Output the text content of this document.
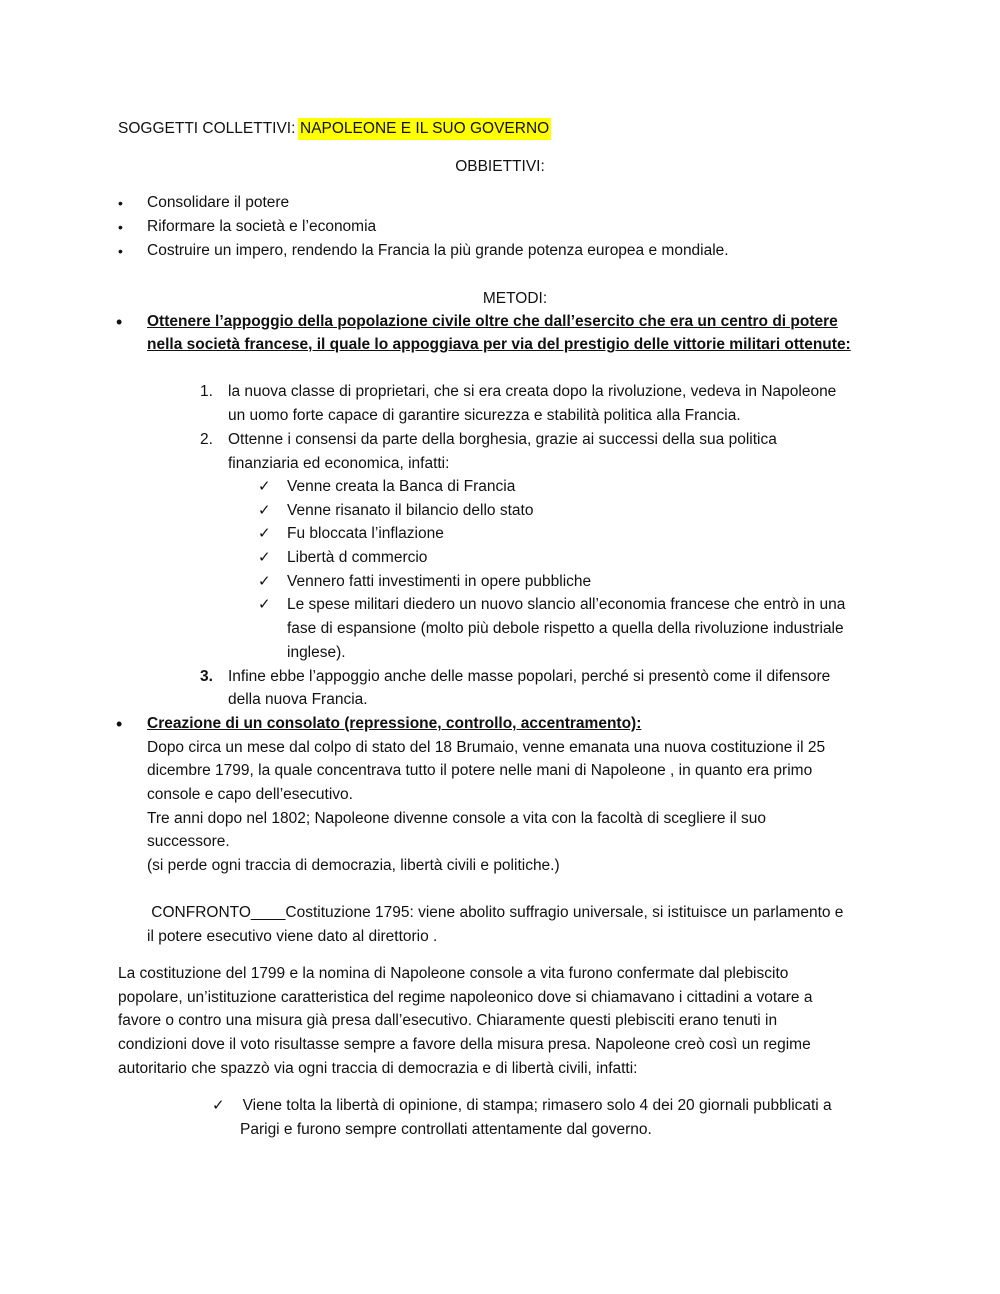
SOGGETTI COLLETTIVI: NAPOLEONE E IL SUO GOVERNO
OBBIETTIVI:
• Consolidare il potere
• Riformare la società e l’economia
• Costruire un impero, rendendo la Francia la più grande potenza europea e mondiale.
METODI:
• Ottenere l’appoggio della popolazione civile oltre che dall’esercito che era un centro di potere
nella società francese, il quale lo appoggiava per via del prestigio delle vittorie militari ottenute:
1. la nuova classe di proprietari, che si era creata dopo la rivoluzione, vedeva in Napoleone
un uomo forte capace di garantire sicurezza e stabilità politica alla Francia.
2. Ottenne i consensi da parte della borghesia, grazie ai successi della sua politica
finanziaria ed economica, infatti:
✓ Venne creata la Banca di Francia
✓ Venne risanato il bilancio dello stato
✓ Fu bloccata l’inflazione
✓ Libertà d commercio
✓ Vennero fatti investimenti in opere pubbliche
✓ Le spese militari diedero un nuovo slancio all’economia francese che entrò in una
fase di espansione (molto più debole rispetto a quella della rivoluzione industriale
inglese).
3. Infine ebbe l’appoggio anche delle masse popolari, perché si presentò come il difensore
della nuova Francia.
• Creazione di un consolato (repressione, controllo, accentramento):
Dopo circa un mese dal colpo di stato del 18 Brumaio, venne emanata una nuova costituzione il 25
dicembre 1799, la quale concentrava tutto il potere nelle mani di Napoleone , in quanto era primo
console e capo dell’esecutivo.
Tre anni dopo nel 1802; Napoleone divenne console a vita con la facoltà di scegliere il suo
successore.
(si perde ogni traccia di democrazia, libertà civili e politiche.)
CONFRONTO____Costituzione 1795: viene abolito suffragio universale, si istituisce un parlamento e
il potere esecutivo viene dato al direttorio .
La costituzione del 1799 e la nomina di Napoleone console a vita furono confermate dal plebiscito
popolare, un’istituzione caratteristica del regime napoleonico dove si chiamavano i cittadini a votare a
favore o contro una misura già presa dall’esecutivo. Chiaramente questi plebisciti erano tenuti in
condizioni dove il voto risultasse sempre a favore della misura presa. Napoleone creò così un regime
autoritario che spazzò via ogni traccia di democrazia e di libertà civili, infatti:
✓ Viene tolta la libertà di opinione, di stampa; rimasero solo 4 dei 20 giornali pubblicati a
Parigi e furono sempre controllati attentamente dal governo.
